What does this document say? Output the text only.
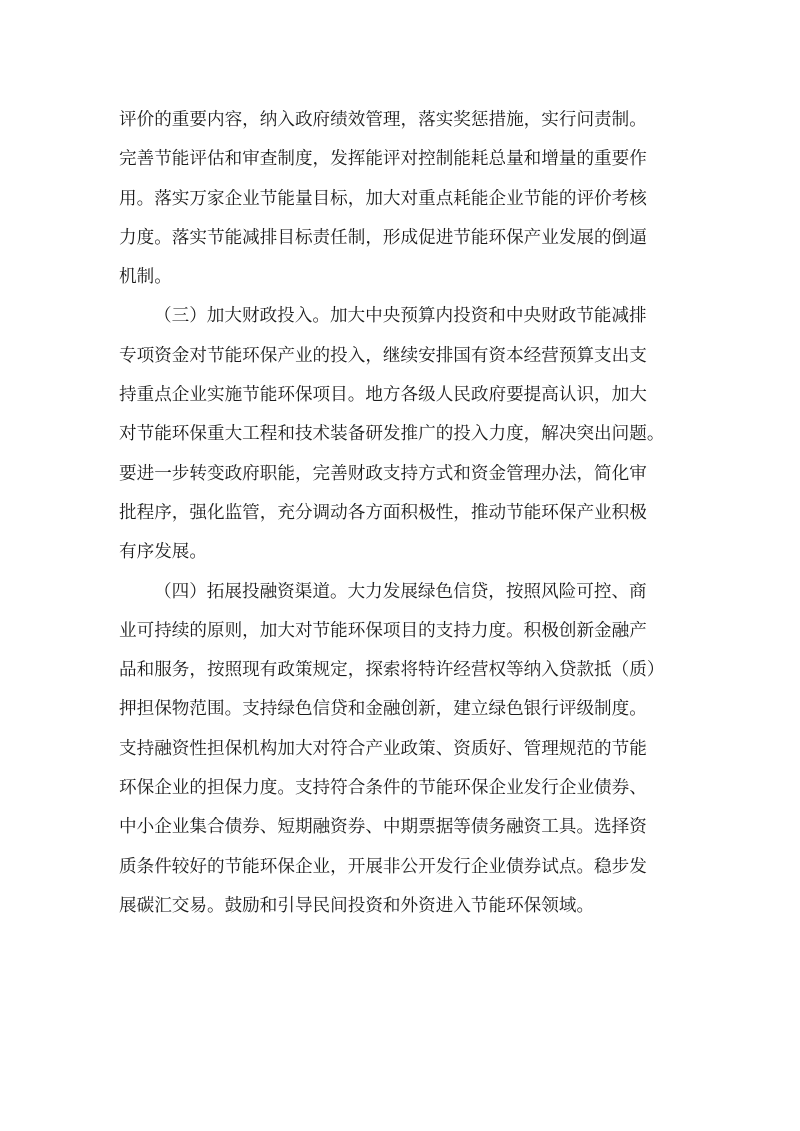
评价的重要内容，纳入政府绩效管理，落实奖惩措施，实行问责制。
完善节能评估和审查制度，发挥能评对控制能耗总量和增量的重要作
用。落实万家企业节能量目标，加大对重点耗能企业节能的评价考核
力度。落实节能减排目标责任制，形成促进节能环保产业发展的倒逼
机制。
（三）加大财政投入。加大中央预算内投资和中央财政节能减排
专项资金对节能环保产业的投入，继续安排国有资本经营预算支出支
持重点企业实施节能环保项目。地方各级人民政府要提高认识，加大
对节能环保重大工程和技术装备研发推广的投入力度，解决突出问题。
要进一步转变政府职能，完善财政支持方式和资金管理办法，简化审
批程序，强化监管，充分调动各方面积极性，推动节能环保产业积极
有序发展。
（四）拓展投融资渠道。大力发展绿色信贷，按照风险可控、商
业可持续的原则，加大对节能环保项目的支持力度。积极创新金融产
品和服务，按照现有政策规定，探索将特许经营权等纳入贷款抵（质）
押担保物范围。支持绿色信贷和金融创新，建立绿色银行评级制度。
支持融资性担保机构加大对符合产业政策、资质好、管理规范的节能
环保企业的担保力度。支持符合条件的节能环保企业发行企业债券、
中小企业集合债券、短期融资券、中期票据等债务融资工具。选择资
质条件较好的节能环保企业，开展非公开发行企业债券试点。稳步发
展碳汇交易。鼓励和引导民间投资和外资进入节能环保领域。
